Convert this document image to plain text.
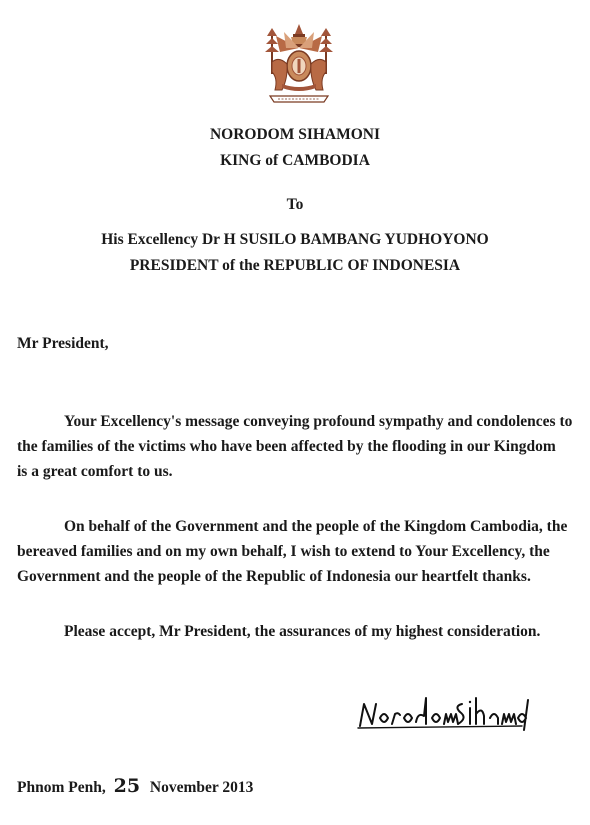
NORODOM SIHAMONI
KING of CAMBODIA
To
His Excellency Dr H SUSILO BAMBANG YUDHOYONO
PRESIDENT of the REPUBLIC OF INDONESIA
Mr President,
Your Excellency's message conveying profound sympathy and condolences to
the families of the victims who have been affected by the flooding in our Kingdom
is a great comfort to us.
On behalf of the Government and the people of the Kingdom Cambodia, the
bereaved families and on my own behalf, I wish to extend to Your Excellency, the
Government and the people of the Republic of Indonesia our heartfelt thanks.
Please accept, Mr President, the assurances of my highest consideration.
Phnom Penh, 25 November 2013
